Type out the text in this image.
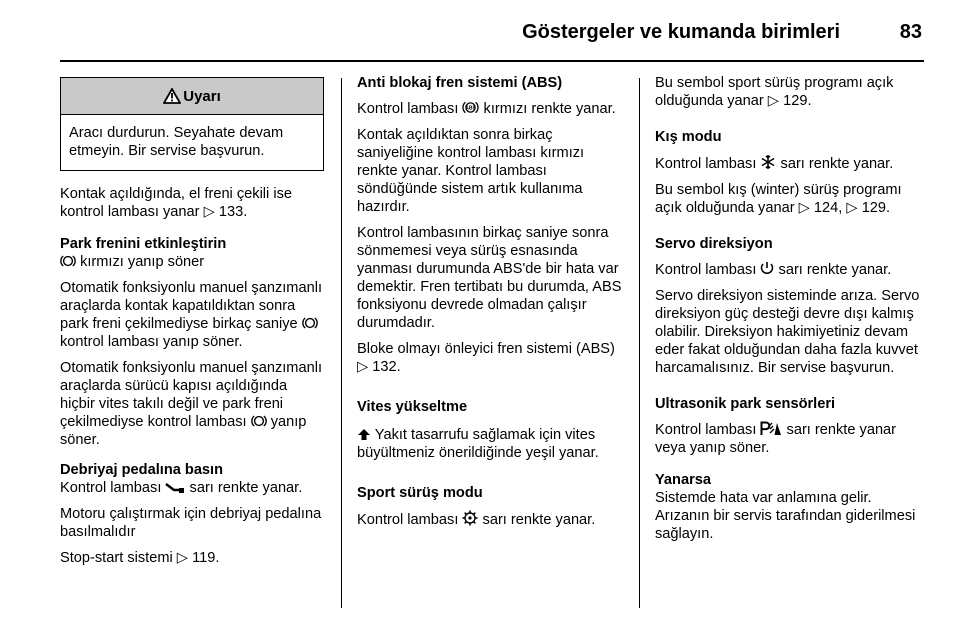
Göstergeler ve kumanda birimleri	83
Uyarı
Aracı durdurun. Seyahate devam etmeyin. Bir servise başvurun.

Kontak açıldığında, el freni çekili ise kontrol lambası yanar ▷ 133.

Park frenini etkinleştirin

kırmızı yanıp söner

Otomatik fonksiyonlu manuel şanzımanlı araçlarda kontak kapatıldıktan sonra park freni çekilmediyse birkaç saniye  kontrol lambası yanıp söner.

Otomatik fonksiyonlu manuel şanzımanlı araçlarda sürücü kapısı açıldığında hiçbir vites takılı değil ve park freni çekilmediyse kontrol lambası yanıp söner.

Debriyaj pedalına basın

Kontrol lambası sarı renkte yanar.

Motoru çalıştırmak için debriyaj pedalına basılmalıdır

Stop-start sistemi ▷ 119.

Anti blokaj fren sistemi (ABS)

Kontrol lambası ABS kırmızı renkte yanar.

Kontak açıldıktan sonra birkaç saniyeliğine kontrol lambası kırmızı renkte yanar. Kontrol lambası söndüğünde sistem artık kullanıma hazırdır.

Kontrol lambasının birkaç saniye sonra sönmemesi veya sürüş esnasında yanması durumunda ABS'de bir hata var demektir. Fren tertibatı bu durumda, ABS fonksiyonu devrede olmadan çalışır durumdadır.

Bloke olmayı önleyici fren sistemi (ABS) ▷ 132.

Vites yükseltme

Yakıt tasarrufu sağlamak için vites büyültmeniz önerildiğinde yeşil yanar.

Sport sürüş modu

Kontrol lambası sarı renkte yanar.

Bu sembol sport sürüş programı açık olduğunda yanar ▷ 129.

Kış modu

Kontrol lambası sarı renkte yanar.

Bu sembol kış (winter) sürüş programı açık olduğunda yanar ▷ 124, ▷ 129.

Servo direksiyon

Kontrol lambası sarı renkte yanar.

Servo direksiyon sisteminde arıza. Servo direksiyon güç desteği devre dışı kalmış olabilir. Direksiyon hakimiyetiniz devam eder fakat olduğundan daha fazla kuvvet harcamalısınız. Bir servise başvurun.

Ultrasonik park sensörleri

Kontrol lambası sarı renkte yanar veya yanıp söner.

Yanarsa

Sistemde hata var anlamına gelir. Arızanın bir servis tarafından giderilmesi sağlayın.
